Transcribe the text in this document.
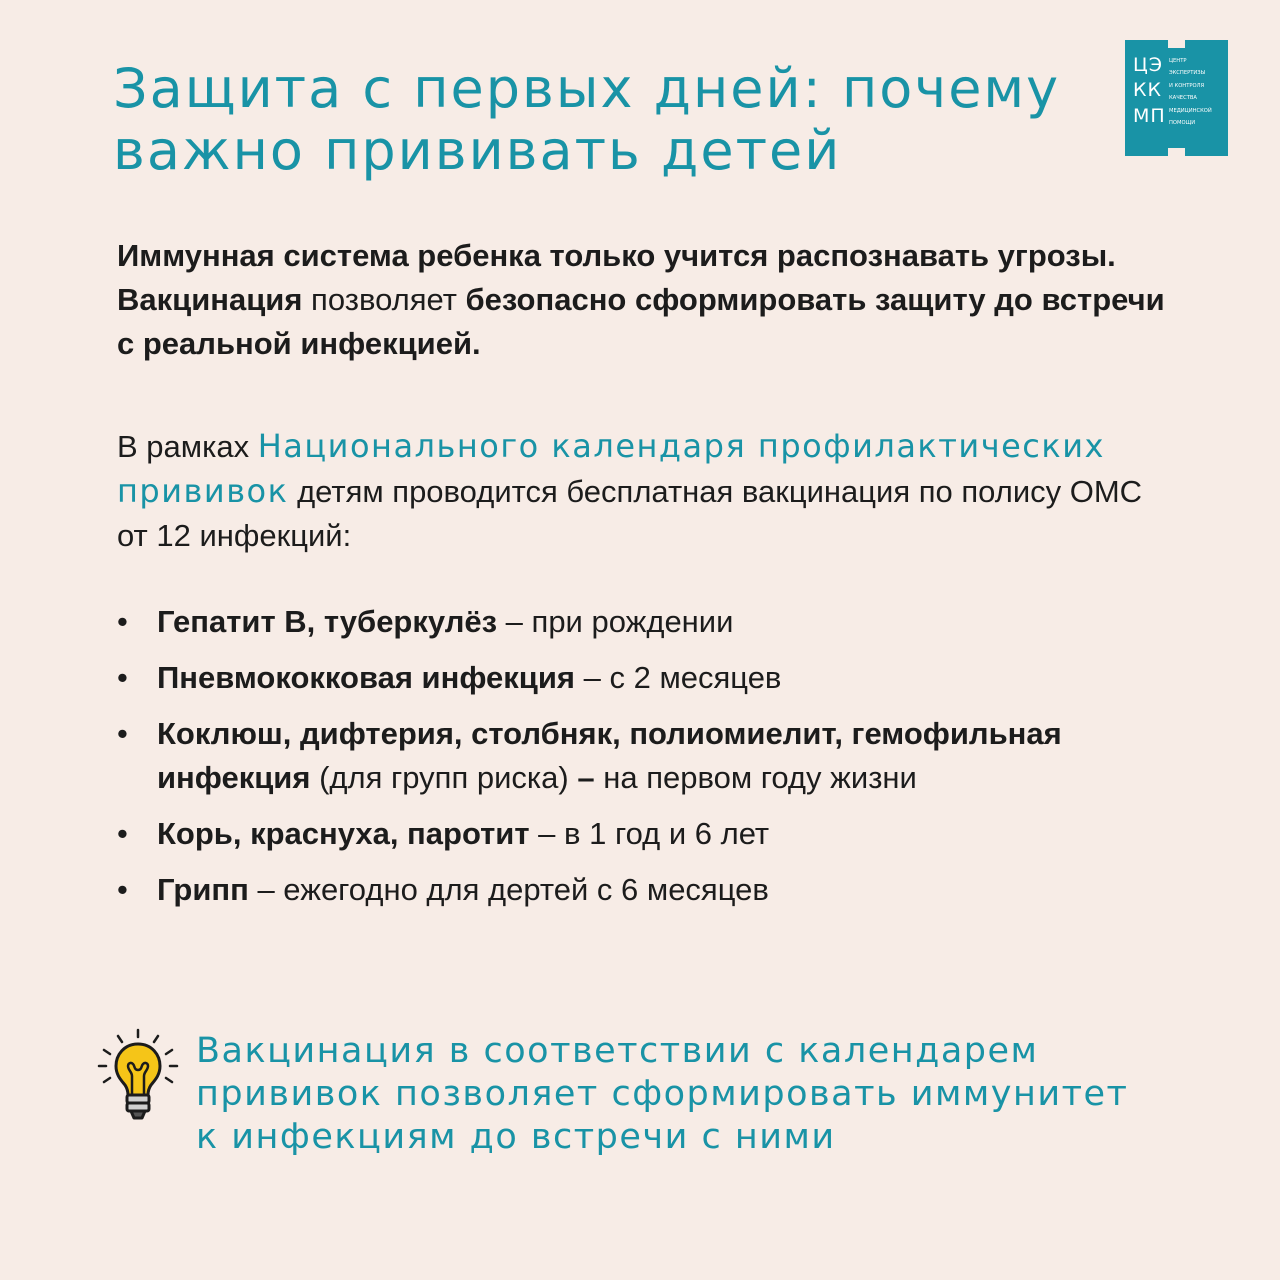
Защита с первых дней: почему
важно прививать детей
ЦЭ
КК
МП
ЦЕНТР
ЭКСПЕРТИЗЫ
И КОНТРОЛЯ
КАЧЕСТВА
МЕДИЦИНСКОЙ
ПОМОЩИ

Иммунная система ребенка только учится распознавать угрозы. Вакцинация позволяет безопасно сформировать защиту до встречи с реальной инфекцией.

В рамках Национального календаря профилактических прививок детям проводится бесплатная вакцинация по полису ОМС от 12 инфекций:

• Гепатит В, туберкулёз – при рождении
• Пневмококковая инфекция – с 2 месяцев
• Коклюш, дифтерия, столбняк, полиомиелит, гемофильная инфекция (для групп риска) – на первом году жизни
• Корь, краснуха, паротит – в 1 год и 6 лет
• Грипп – ежегодно для дертей с 6 месяцев
Вакцинация в соответствии с календарем
прививок позволяет сформировать иммунитет
к инфекциям до встречи с ними
